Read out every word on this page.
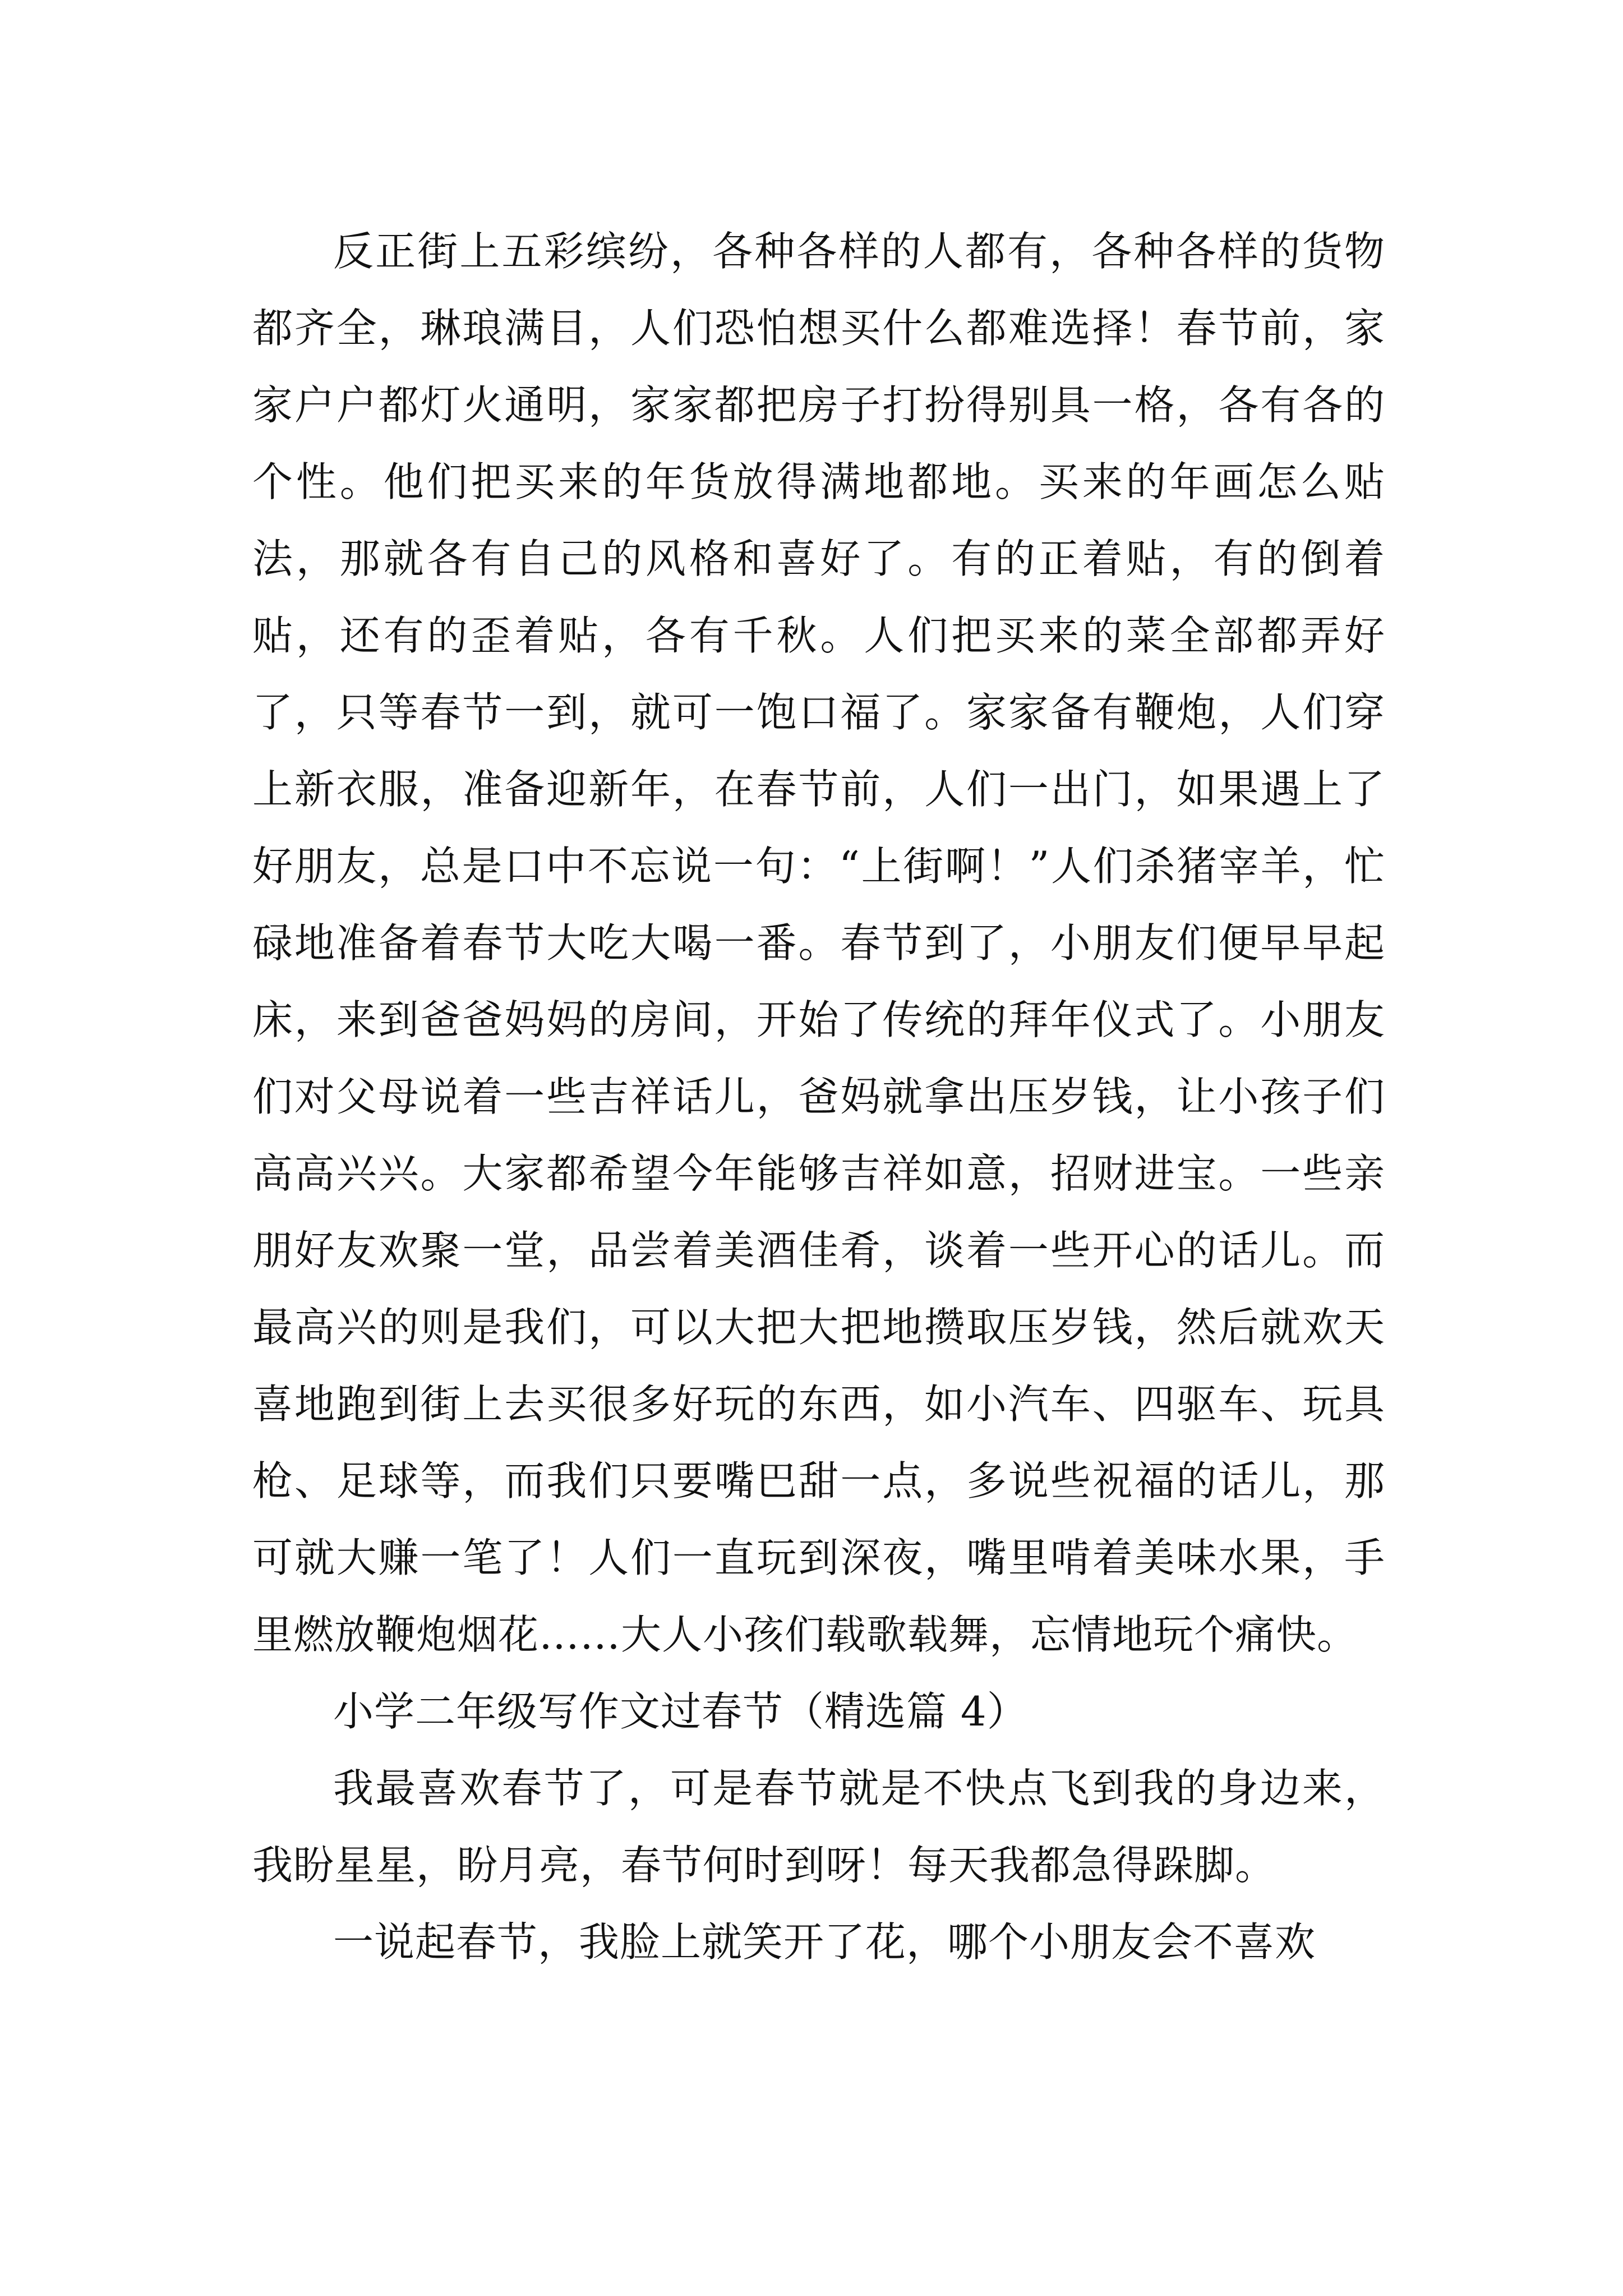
反正街上五彩缤纷，各种各样的人都有，各种各样的货物都齐全，琳琅满目，人们恐怕想买什么都难选择！春节前，家家户户都灯火通明，家家都把房子打扮得别具一格，各有各的个性。他们把买来的年货放得满地都地。买来的年画怎么贴法，那就各有自己的风格和喜好了。有的正着贴，有的倒着贴，还有的歪着贴，各有千秋。人们把买来的菜全部都弄好了，只等春节一到，就可一饱口福了。家家备有鞭炮，人们穿上新衣服，准备迎新年，在春节前，人们一出门，如果遇上了好朋友，总是口中不忘说一句：“上街啊！”人们杀猪宰羊，忙碌地准备着春节大吃大喝一番。春节到了，小朋友们便早早起床，来到爸爸妈妈的房间，开始了传统的拜年仪式了。小朋友们对父母说着一些吉祥话儿，爸妈就拿出压岁钱，让小孩子们高高兴兴。大家都希望今年能够吉祥如意，招财进宝。一些亲朋好友欢聚一堂，品尝着美酒佳肴，谈着一些开心的话儿。而最高兴的则是我们，可以大把大把地攒取压岁钱，然后就欢天喜地跑到街上去买很多好玩的东西，如小汽车、四驱车、玩具枪、足球等，而我们只要嘴巴甜一点，多说些祝福的话儿，那可就大赚一笔了！人们一直玩到深夜，嘴里啃着美味水果，手里燃放鞭炮烟花……大人小孩们载歌载舞，忘情地玩个痛快。

小学二年级写作文过春节（精选篇 4）

我最喜欢春节了，可是春节就是不快点飞到我的身边来，我盼星星，盼月亮，春节何时到呀！每天我都急得跺脚。

一说起春节，我脸上就笑开了花，哪个小朋友会不喜欢
